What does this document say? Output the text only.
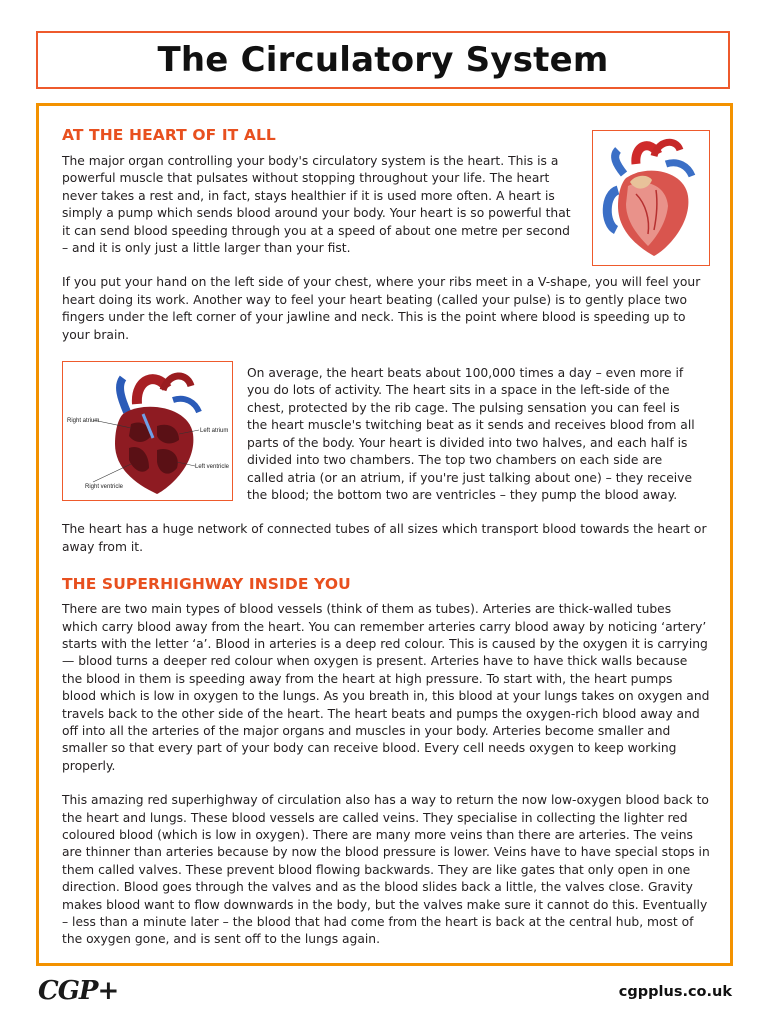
The Circulatory System
AT THE HEART OF IT ALL

The major organ controlling your body's circulatory system is the heart. This is a powerful muscle that pulsates without stopping throughout your life. The heart never takes a rest and, in fact, stays healthier if it is used more often. A heart is simply a pump which sends blood around your body. Your heart is so powerful that it can send blood speeding through you at a speed of about one metre per second – and it is only just a little larger than your fist.

If you put your hand on the left side of your chest, where your ribs meet in a V-shape, you will feel your heart doing its work. Another way to feel your heart beating (called your pulse) is to gently place two fingers under the left corner of your jawline and neck. This is the point where blood is speeding up to your brain.

Right atrium
Left atrium
Left ventricle
Right ventricle

On average, the heart beats about 100,000 times a day – even more if you do lots of activity. The heart sits in a space in the left-side of the chest, protected by the rib cage. The pulsing sensation you can feel is the heart muscle's twitching beat as it sends and receives blood from all parts of the body. Your heart is divided into two halves, and each half is divided into two chambers. The top two chambers on each side are called atria (or an atrium, if you're just talking about one) – they receive the blood; the bottom two are ventricles – they pump the blood away.

The heart has a huge network of connected tubes of all sizes which transport blood towards the heart or away from it.

THE SUPERHIGHWAY INSIDE YOU

There are two main types of blood vessels (think of them as tubes). Arteries are thick-walled tubes which carry blood away from the heart. You can remember arteries carry blood away by noticing ‘artery’ starts with the letter ‘a’. Blood in arteries is a deep red colour. This is caused by the oxygen it is carrying — blood turns a deeper red colour when oxygen is present. Arteries have to have thick walls because the blood in them is speeding away from the heart at high pressure. To start with, the heart pumps blood which is low in oxygen to the lungs. As you breath in, this blood at your lungs takes on oxygen and travels back to the other side of the heart. The heart beats and pumps the oxygen-rich blood away and off into all the arteries of the major organs and muscles in your body. Arteries become smaller and smaller so that every part of your body can receive blood. Every cell needs oxygen to keep working properly.

This amazing red superhighway of circulation also has a way to return the now low-oxygen blood back to the heart and lungs. These blood vessels are called veins. They specialise in collecting the lighter red coloured blood (which is low in oxygen). There are many more veins than there are arteries. The veins are thinner than arteries because by now the blood pressure is lower. Veins have to have special stops in them called valves. These prevent blood flowing backwards. They are like gates that only open in one direction. Blood goes through the valves and as the blood slides back a little, the valves close. Gravity makes blood want to flow downwards in the body, but the valves make sure it cannot do this. Eventually – less than a minute later – the blood that had come from the heart is back at the central hub, most of the oxygen gone, and is sent off to the lungs again.

CGP+	cgpplus.co.uk
